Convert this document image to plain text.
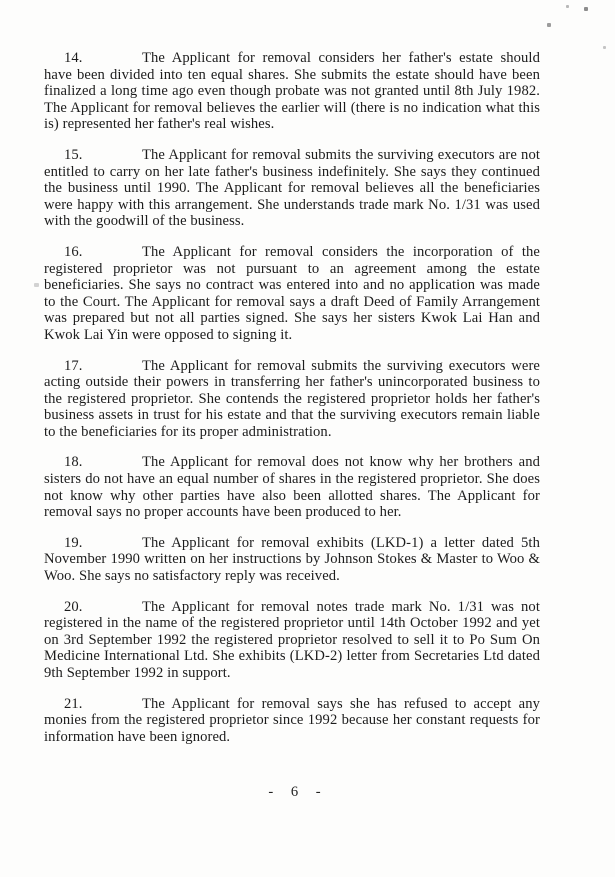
14.	The Applicant for removal considers her father's estate should have been divided into ten equal shares. She submits the estate should have been finalized a long time ago even though probate was not granted until 8th July 1982. The Applicant for removal believes the earlier will (there is no indication what this is) represented her father's real wishes.

15.	The Applicant for removal submits the surviving executors are not entitled to carry on her late father's business indefinitely. She says they continued the business until 1990. The Applicant for removal believes all the beneficiaries were happy with this arrangement. She understands trade mark No. 1/31 was used with the goodwill of the business.

16.	The Applicant for removal considers the incorporation of the registered proprietor was not pursuant to an agreement among the estate beneficiaries. She says no contract was entered into and no application was made to the Court. The Applicant for removal says a draft Deed of Family Arrangement was prepared but not all parties signed. She says her sisters Kwok Lai Han and Kwok Lai Yin were opposed to signing it.

17.	The Applicant for removal submits the surviving executors were acting outside their powers in transferring her father's unincorporated business to the registered proprietor. She contends the registered proprietor holds her father's business assets in trust for his estate and that the surviving executors remain liable to the beneficiaries for its proper administration.

18.	The Applicant for removal does not know why her brothers and sisters do not have an equal number of shares in the registered proprietor. She does not know why other parties have also been allotted shares. The Applicant for removal says no proper accounts have been produced to her.

19.	The Applicant for removal exhibits (LKD-1) a letter dated 5th November 1990 written on her instructions by Johnson Stokes & Master to Woo & Woo. She says no satisfactory reply was received.

20.	The Applicant for removal notes trade mark No. 1/31 was not registered in the name of the registered proprietor until 14th October 1992 and yet on 3rd September 1992 the registered proprietor resolved to sell it to Po Sum On Medicine International Ltd. She exhibits (LKD-2) letter from Secretaries Ltd dated 9th September 1992 in support.

21.	The Applicant for removal says she has refused to accept any monies from the registered proprietor since 1992 because her constant requests for information have been ignored.

- 6 -
